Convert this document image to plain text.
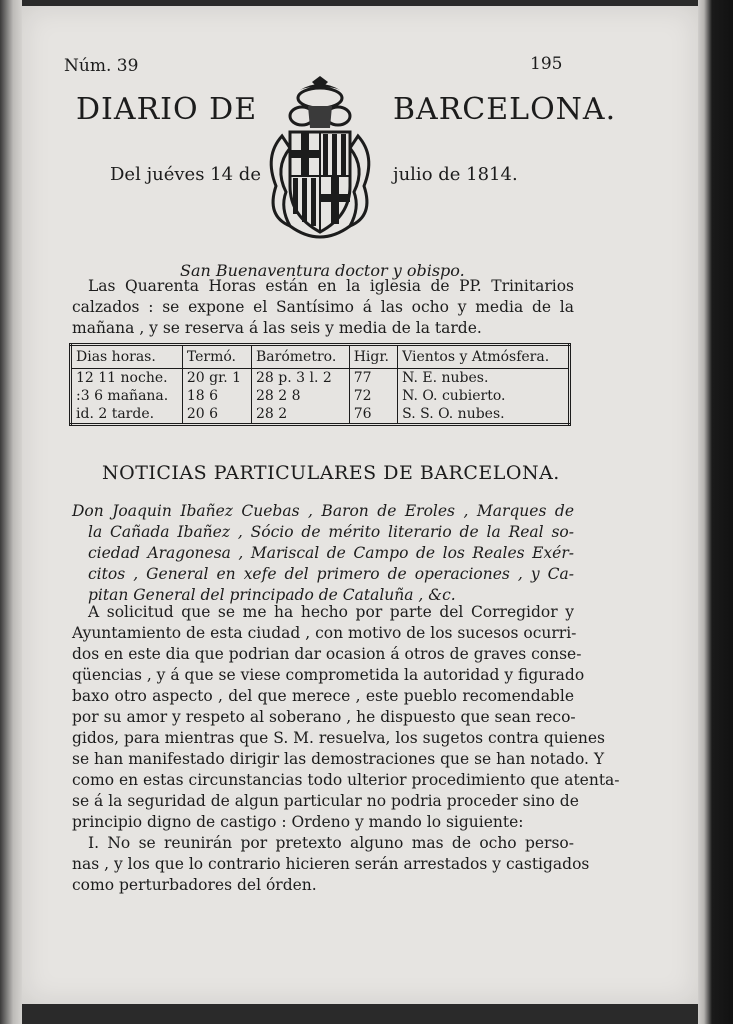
Núm. 39	195
DIARIO DE	BARCELONA.
Del juéves 14 de	julio de 1814.
San Buenaventura doctor y obispo.
Las Quarenta Horas están en la iglesia de PP. Trinitarios
calzados : se expone el Santísimo á las ocho y media de la
mañana , y se reserva á las seis y media de la tarde.
Dias horas.	Termó.	Barómetro.	Higr.	Vientos y Atmósfera.
12 11 noche.	20 gr. 1	28 p. 3 l. 2	77	N. E. nubes.
:3 6 mañana.	18 6	28 2 8	72	N. O. cubierto.
id. 2 tarde.	20 6	28 2	76	S. S. O. nubes.
NOTICIAS PARTICULARES DE BARCELONA.
Don Joaquin Ibañez Cuebas , Baron de Eroles , Marques de
la Cañada Ibañez , Sócio de mérito literario de la Real so-
ciedad Aragonesa , Mariscal de Campo de los Reales Exér-
citos , General en xefe del primero de operaciones , y Ca-
pitan General del principado de Cataluña , &c.
A solicitud que se me ha hecho por parte del Corregidor y
Ayuntamiento de esta ciudad , con motivo de los sucesos ocurri-
dos en este dia que podrian dar ocasion á otros de graves conse-
qüencias , y á que se viese comprometida la autoridad y figurado
baxo otro aspecto , del que merece , este pueblo recomendable
por su amor y respeto al soberano , he dispuesto que sean reco-
gidos, para mientras que S. M. resuelva, los sugetos contra quienes
se han manifestado dirigir las demostraciones que se han notado. Y
como en estas circunstancias todo ulterior procedimiento que atenta-
se á la seguridad de algun particular no podria proceder sino de
principio digno de castigo : Ordeno y mando lo siguiente:
I. No se reunirán por pretexto alguno mas de ocho perso-
nas , y los que lo contrario hicieren serán arrestados y castigados
como perturbadores del órden.
